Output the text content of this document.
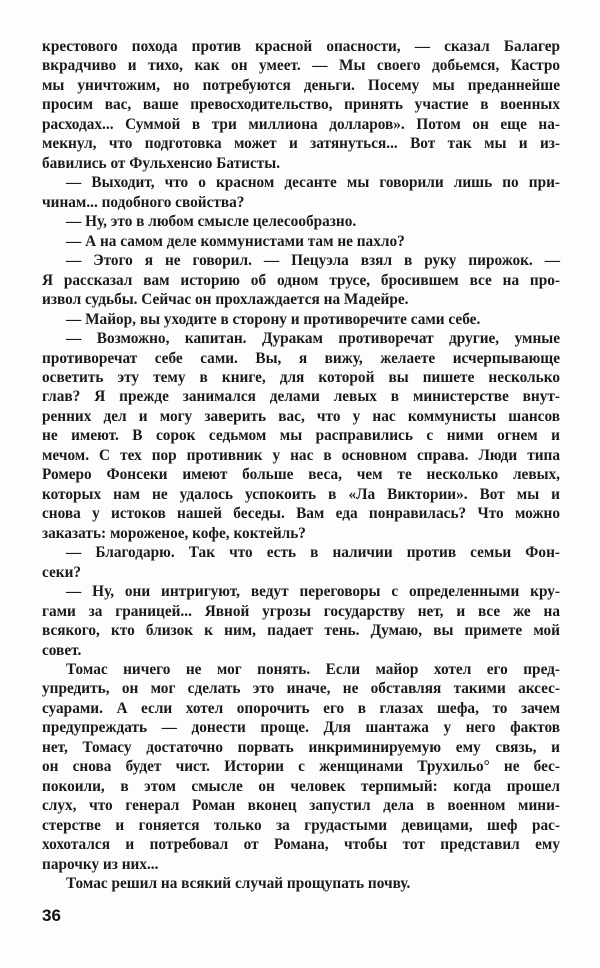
крестового похода против красной опасности, — сказал Балагер
вкрадчиво и тихо, как он умеет. — Мы своего добьемся, Кастро
мы уничтожим, но потребуются деньги. Посему мы преданнейше
просим вас, ваше превосходительство, принять участие в военных
расходах... Суммой в три миллиона долларов». Потом он еще на-
мекнул, что подготовка может и затянуться... Вот так мы и из-
бавились от Фульхенсио Батисты.
— Выходит, что о красном десанте мы говорили лишь по при-
чинам... подобного свойства?
— Ну, это в любом смысле целесообразно.
— А на самом деле коммунистами там не пахло?
— Этого я не говорил. — Пецуэла взял в руку пирожок. —
Я рассказал вам историю об одном трусе, бросившем все на про-
извол судьбы. Сейчас он прохлаждается на Мадейре.
— Майор, вы уходите в сторону и противоречите сами себе.
— Возможно, капитан. Дуракам противоречат другие, умные
противоречат себе сами. Вы, я вижу, желаете исчерпывающе
осветить эту тему в книге, для которой вы пишете несколько
глав? Я прежде занимался делами левых в министерстве внут-
ренних дел и могу заверить вас, что у нас коммунисты шансов
не имеют. В сорок седьмом мы расправились с ними огнем и
мечом. С тех пор противник у нас в основном справа. Люди типа
Ромеро Фонсеки имеют больше веса, чем те несколько левых,
которых нам не удалось успокоить в «Ла Виктории». Вот мы и
снова у истоков нашей беседы. Вам еда понравилась? Что можно
заказать: мороженое, кофе, коктейль?
— Благодарю. Так что есть в наличии против семьи Фон-
секи?
— Ну, они интригуют, ведут переговоры с определенными кру-
гами за границей... Явной угрозы государству нет, и все же на
всякого, кто близок к ним, падает тень. Думаю, вы примете мой
совет.
Томас ничего не мог понять. Если майор хотел его пред-
упредить, он мог сделать это иначе, не обставляя такими аксес-
суарами. А если хотел опорочить его в глазах шефа, то зачем
предупреждать — донести проще. Для шантажа у него фактов
нет, Томасу достаточно порвать инкриминируемую ему связь, и
он снова будет чист. Истории с женщинами Трухильо° не бес-
покоили, в этом смысле он человек терпимый: когда прошел
слух, что генерал Роман вконец запустил дела в военном мини-
стерстве и гоняется только за грудастыми девицами, шеф рас-
хохотался и потребовал от Романа, чтобы тот представил ему
парочку из них...
Томас решил на всякий случай прощупать почву.
36
